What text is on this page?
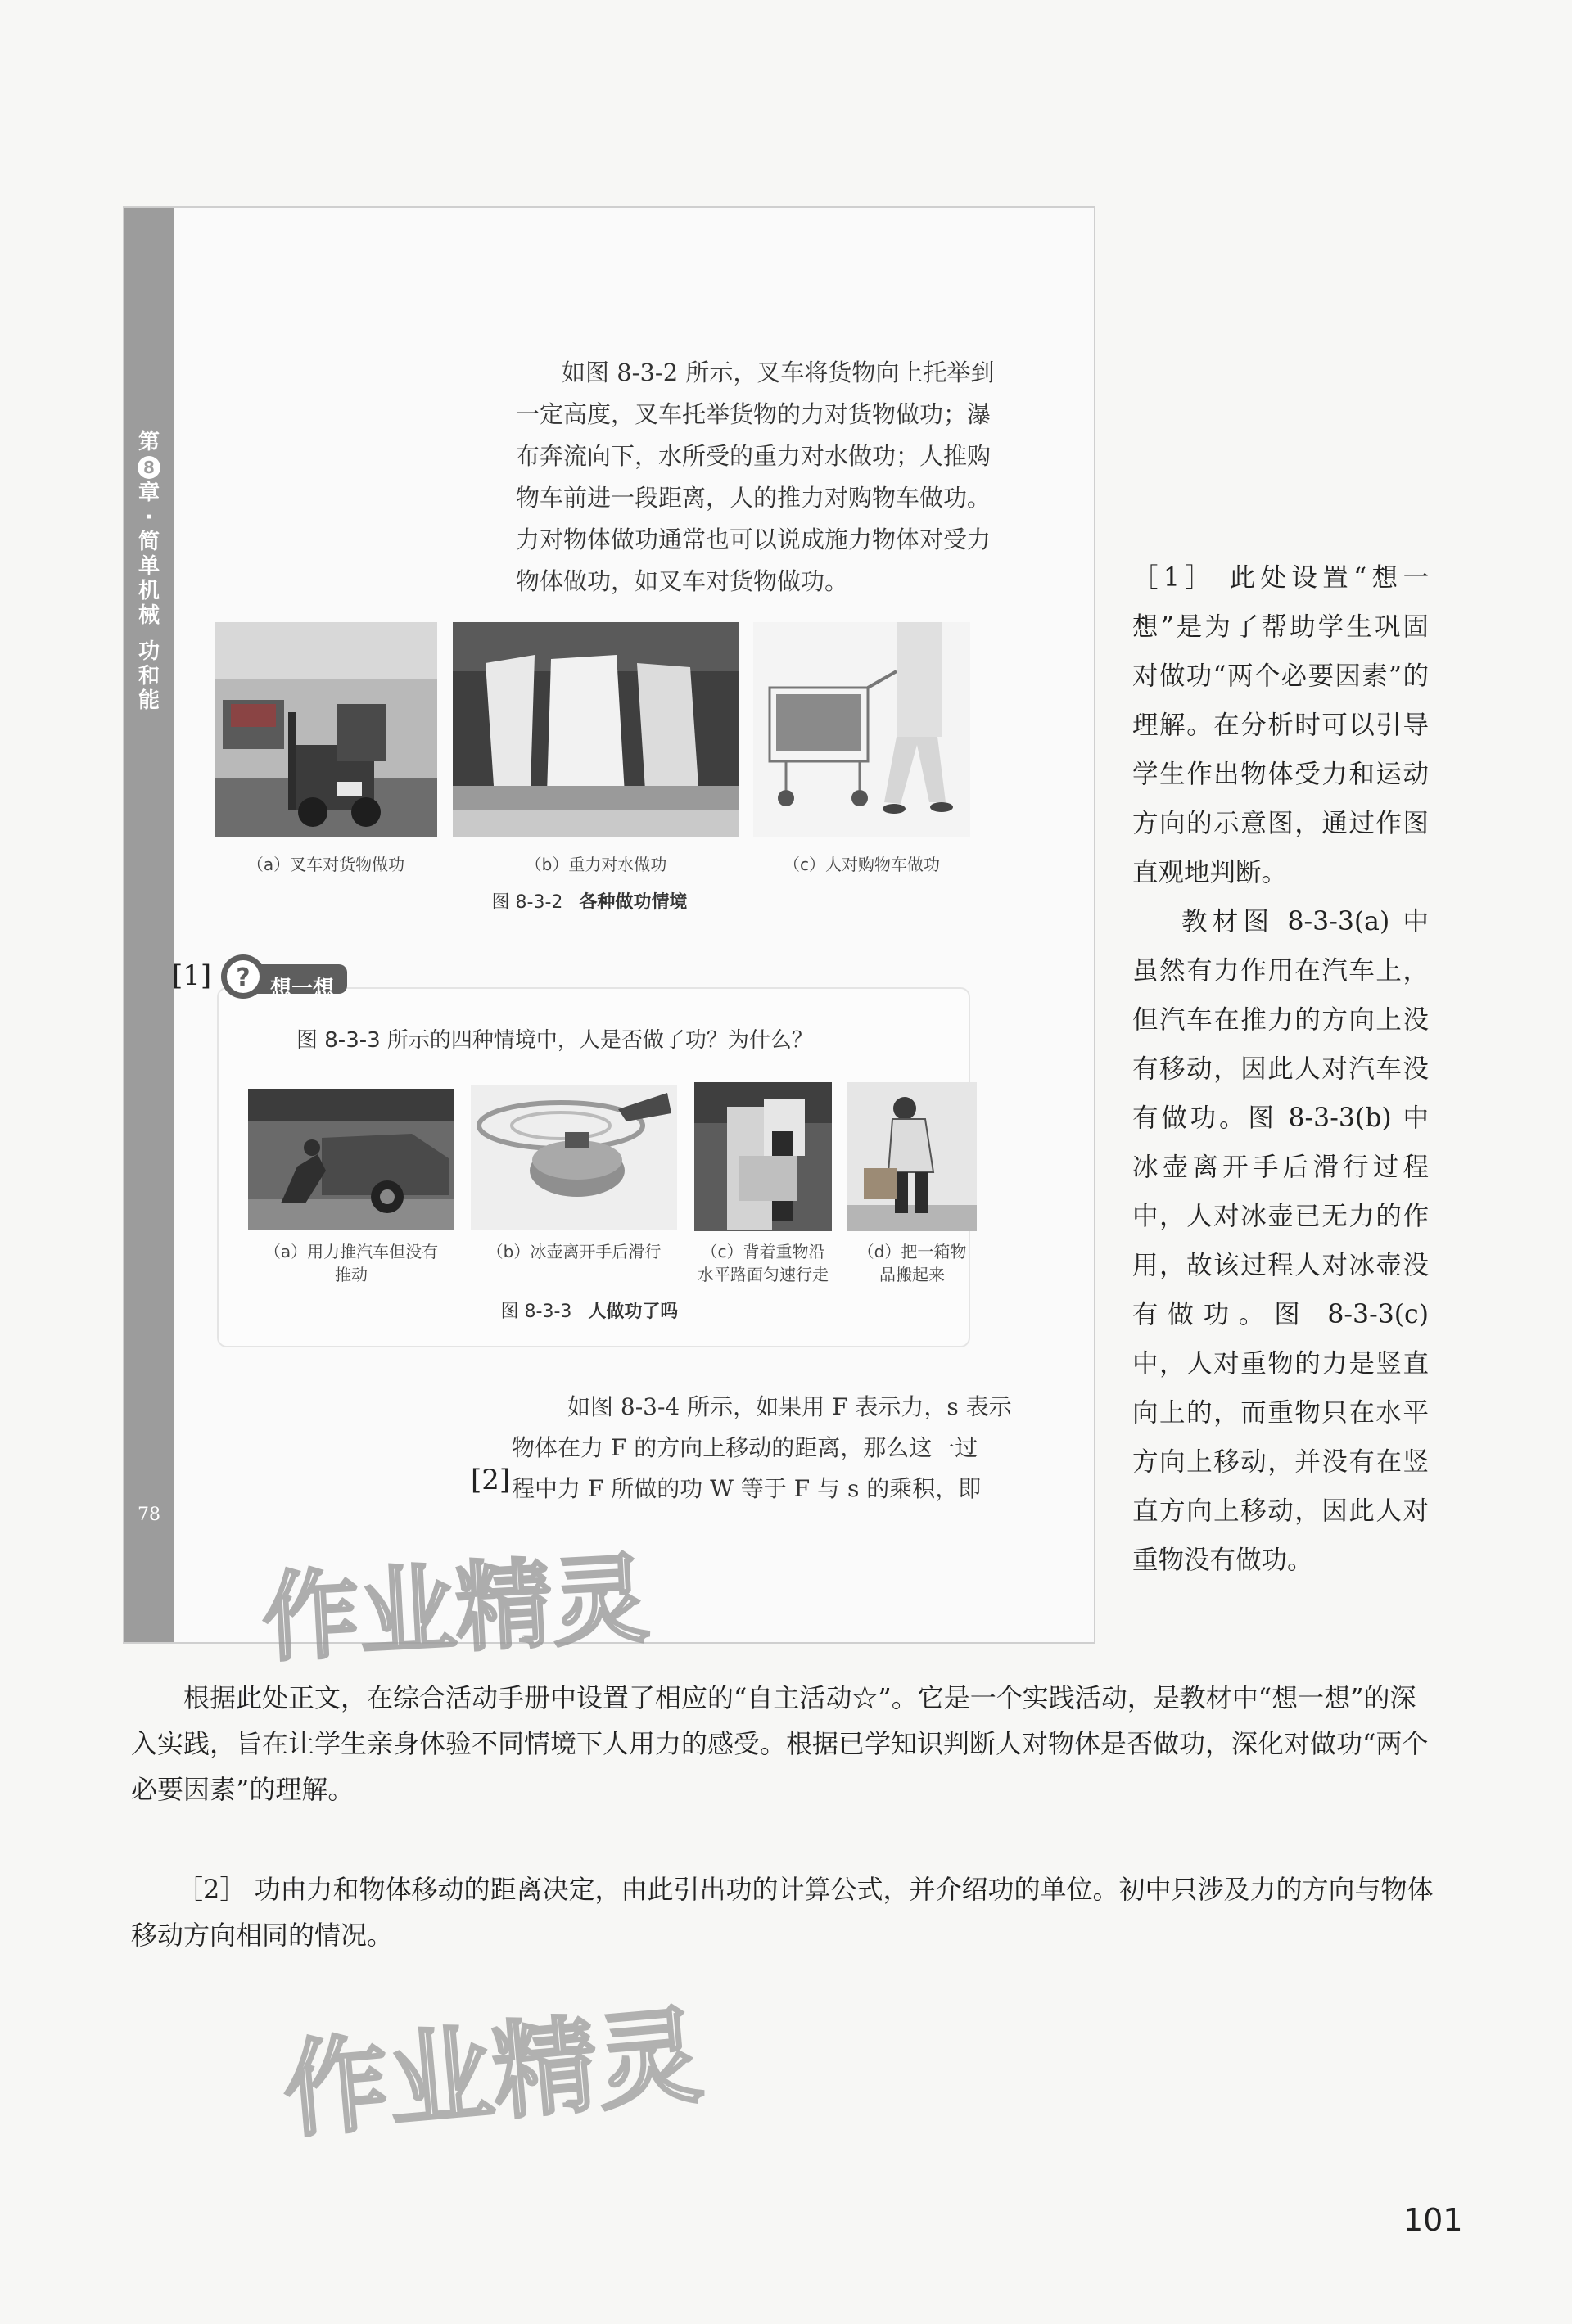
第
8
章
·
简
单
机
械
功
和
能
78
如图 8-3-2 所示，叉车将货物向上托举到一定高度，叉车托举货物的力对货物做功；瀑布奔流向下，水所受的重力对水做功；人推购物车前进一段距离，人的推力对购物车做功。力对物体做功通常也可以说成施力物体对受力物体做功，如叉车对货物做功。
（a）叉车对货物做功	（b）重力对水做功	（c）人对购物车做功
图 8-3-2 各种做功情境
[1] ? 想一想
图 8-3-3 所示的四种情境中，人是否做了功？为什么？
（a）用力推汽车但没有
推动
（b）冰壶离开手后滑行	（c）背着重物沿
水平路面匀速行走
（d）把一箱物
品搬起来
图 8-3-3 人做功了吗
如图 8-3-4 所示，如果用 F 表示力，s 表示
物体在力 F 的方向上移动的距离，那么这一过
程中力 F 所做的功 W 等于 F 与 s 的乘积，即
[2]
作业精灵
［1］ 此处设置“想一想”是为了帮助学生巩固对做功“两个必要因素”的理解。在分析时可以引导学生作出物体受力和运动方向的示意图，通过作图直观地判断。
教材图 8-3-3(a) 中虽然有力作用在汽车上，但汽车在推力的方向上没有移动，因此人对汽车没有做功。图 8-3-3(b) 中冰壶离开手后滑行过程中，人对冰壶已无力的作用，故该过程人对冰壶没有做功。图 8-3-3(c) 中，人对重物的力是竖直向上的，而重物只在水平方向上移动，并没有在竖直方向上移动，因此人对重物没有做功。
根据此处正文，在综合活动手册中设置了相应的“自主活动☆”。它是一个实践活动，是教材中“想一想”的深入实践，旨在让学生亲身体验不同情境下人用力的感受。根据已学知识判断人对物体是否做功，深化对做功“两个必要因素”的理解。
［2］ 功由力和物体移动的距离决定，由此引出功的计算公式，并介绍功的单位。初中只涉及力的方向与物体移动方向相同的情况。
作业精灵
101
